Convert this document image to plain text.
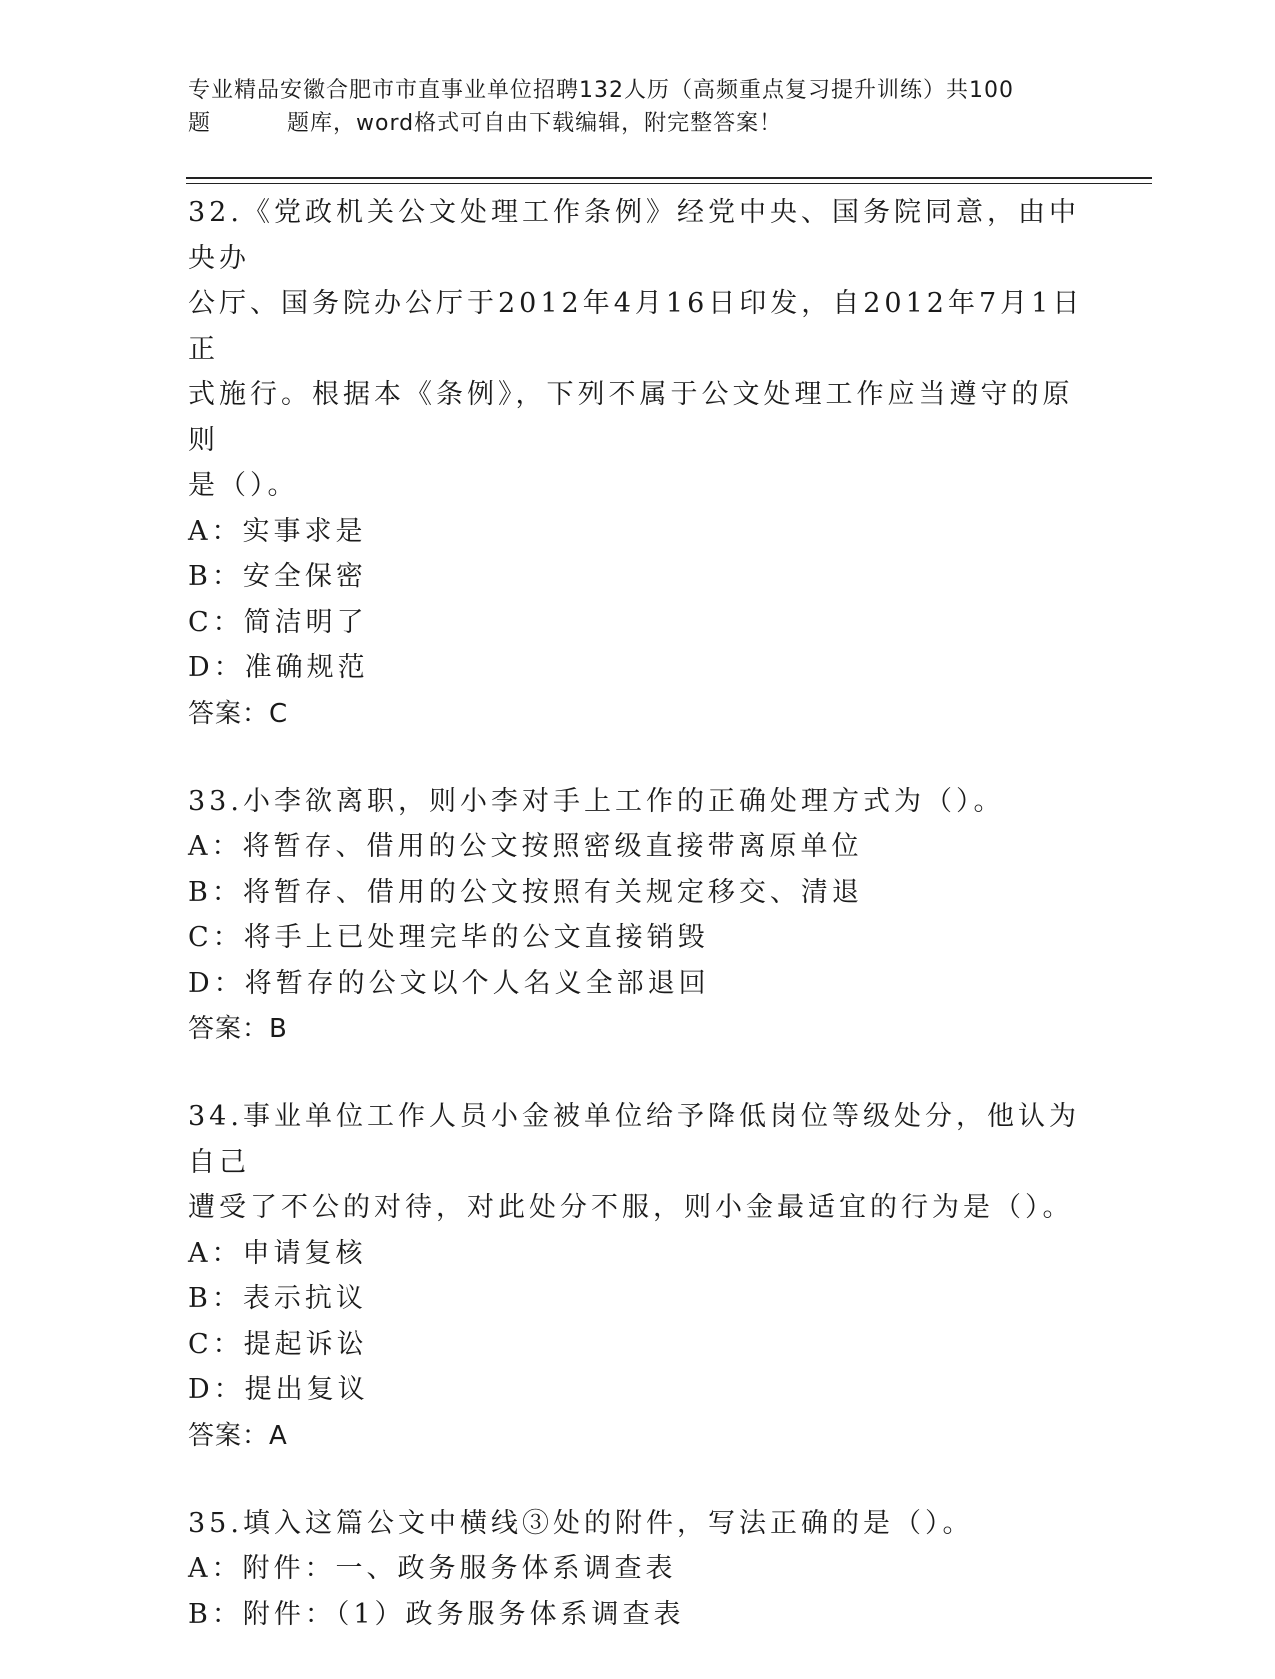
专业精品安徽合肥市市直事业单位招聘132人历（高频重点复习提升训练）共100
题	题库，word格式可自由下载编辑，附完整答案！
32.《党政机关公文处理工作条例》经党中央、国务院同意，由中央办
公厅、国务院办公厅于2012年4月16日印发，自2012年7月1日正
式施行。根据本《条例》，下列不属于公文处理工作应当遵守的原则
是（）。
A：实事求是
B：安全保密
C：简洁明了
D：准确规范
答案：C
33.小李欲离职，则小李对手上工作的正确处理方式为（）。
A：将暂存、借用的公文按照密级直接带离原单位
B：将暂存、借用的公文按照有关规定移交、清退
C：将手上已处理完毕的公文直接销毁
D：将暂存的公文以个人名义全部退回
答案：B
34.事业单位工作人员小金被单位给予降低岗位等级处分，他认为自己
遭受了不公的对待，对此处分不服，则小金最适宜的行为是（）。
A：申请复核
B：表示抗议
C：提起诉讼
D：提出复议
答案：A
35.填入这篇公文中横线③处的附件，写法正确的是（）。
A：附件：一、政务服务体系调查表
B：附件：（1）政务服务体系调查表
